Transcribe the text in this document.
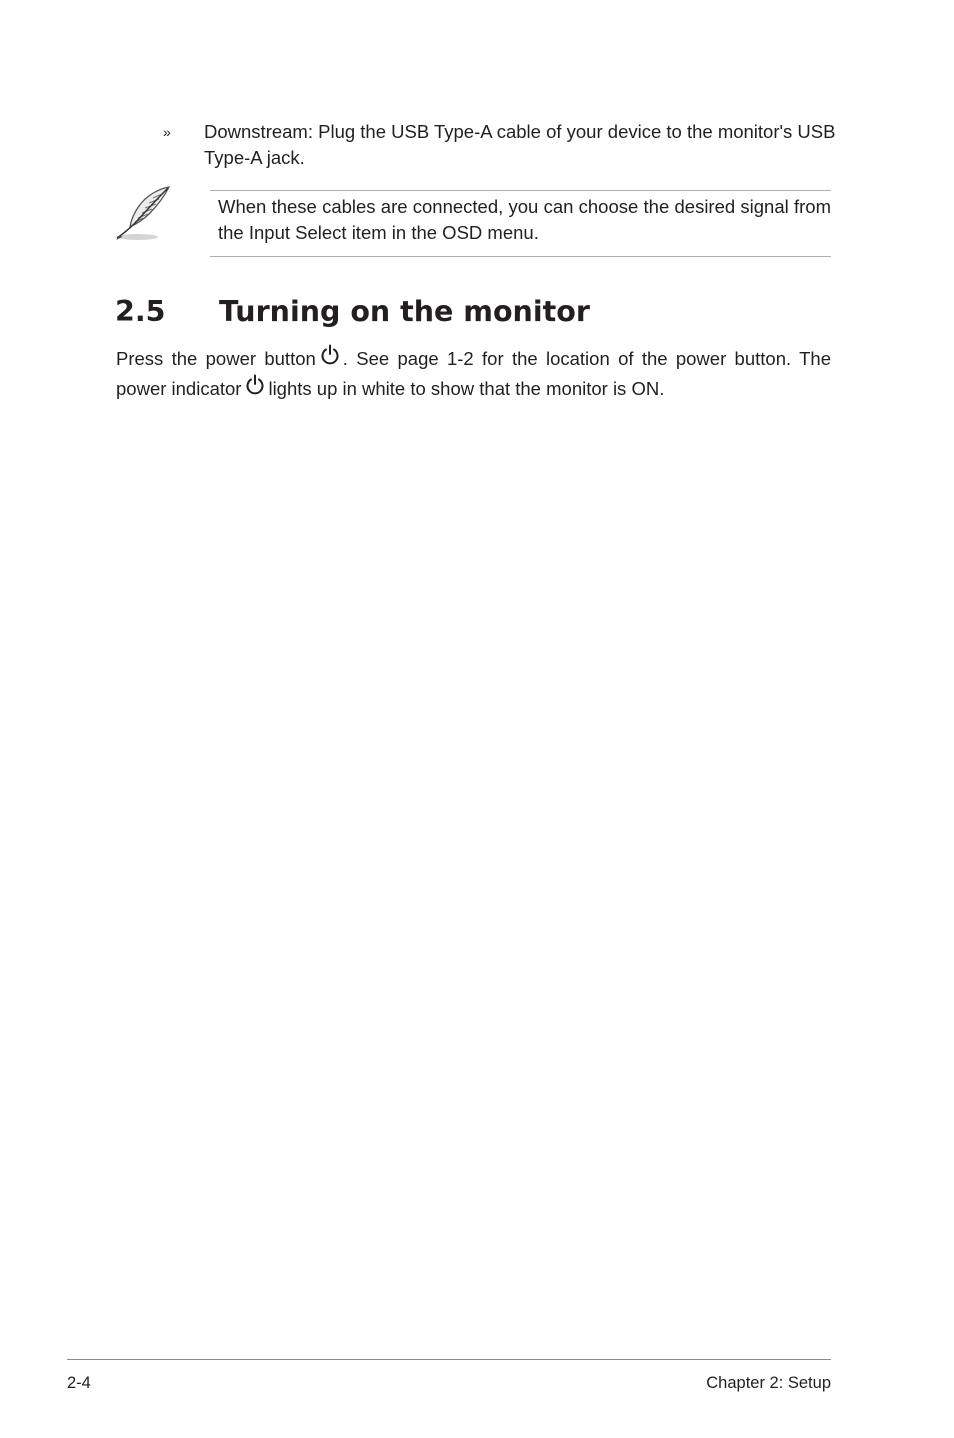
» Downstream: Plug the USB Type-A cable of your device to the monitor's USB Type-A jack.
When these cables are connected, you can choose the desired signal from the Input Select item in the OSD menu.
2.5 Turning on the monitor
Press the power button . See page 1-2 for the location of the power button. The
power indicator lights up in white to show that the monitor is ON.
2-4	Chapter 2: Setup
